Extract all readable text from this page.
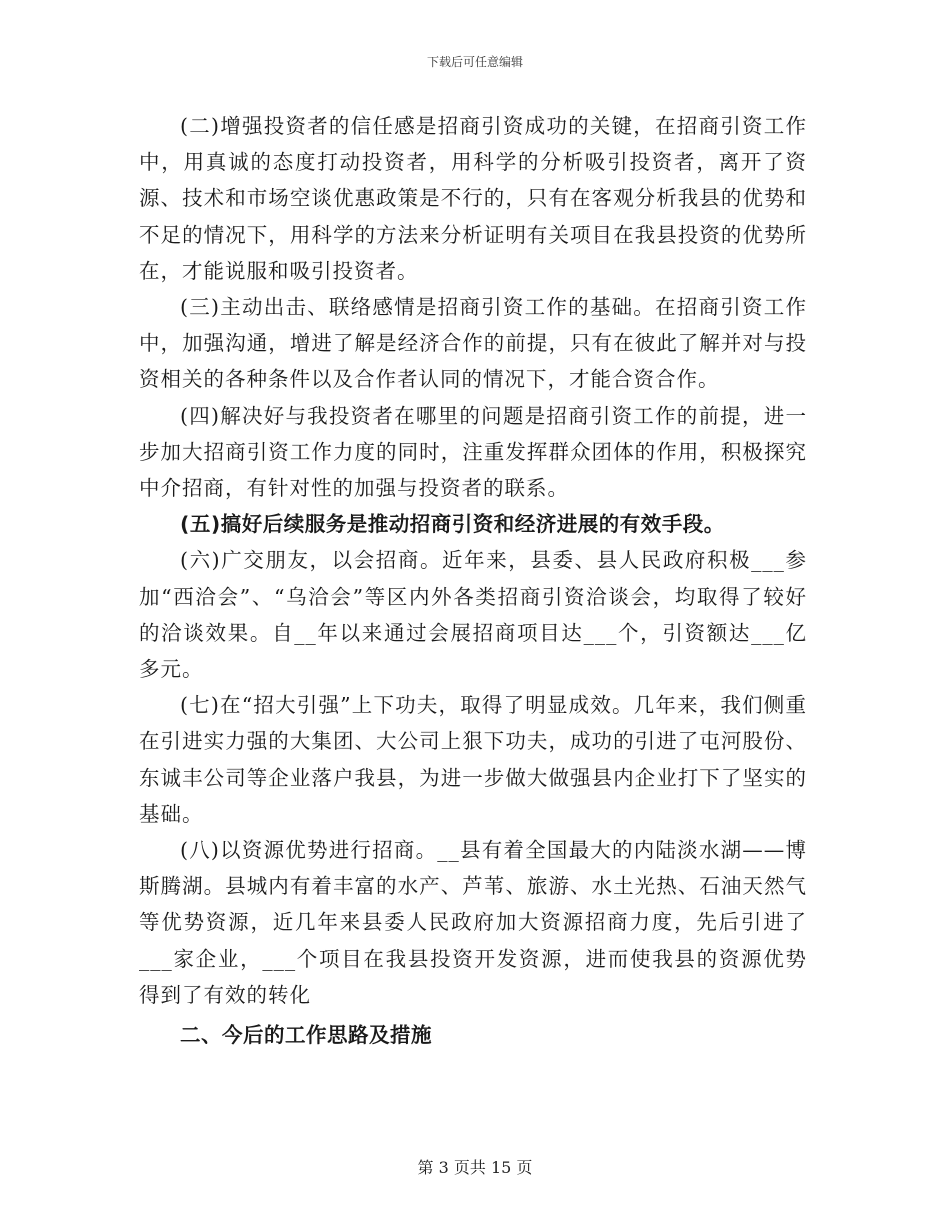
下载后可任意编辑

(二)增强投资者的信任感是招商引资成功的关键，在招商引资工作中，用真诚的态度打动投资者，用科学的分析吸引投资者，离开了资源、技术和市场空谈优惠政策是不行的，只有在客观分析我县的优势和不足的情况下，用科学的方法来分析证明有关项目在我县投资的优势所在，才能说服和吸引投资者。

(三)主动出击、联络感情是招商引资工作的基础。在招商引资工作中，加强沟通，增进了解是经济合作的前提，只有在彼此了解并对与投资相关的各种条件以及合作者认同的情况下，才能合资合作。

(四)解决好与我投资者在哪里的问题是招商引资工作的前提，进一步加大招商引资工作力度的同时，注重发挥群众团体的作用，积极探究中介招商，有针对性的加强与投资者的联系。

(五)搞好后续服务是推动招商引资和经济进展的有效手段。

(六)广交朋友，以会招商。近年来，县委、县人民政府积极___参加“西洽会”、“乌洽会”等区内外各类招商引资洽谈会，均取得了较好的洽谈效果。自__年以来通过会展招商项目达___个，引资额达___亿多元。

(七)在“招大引强”上下功夫，取得了明显成效。几年来，我们侧重在引进实力强的大集团、大公司上狠下功夫，成功的引进了屯河股份、东诚丰公司等企业落户我县，为进一步做大做强县内企业打下了坚实的基础。

(八)以资源优势进行招商。__县有着全国最大的内陆淡水湖——博斯腾湖。县城内有着丰富的水产、芦苇、旅游、水土光热、石油天然气等优势资源，近几年来县委人民政府加大资源招商力度，先后引进了___家企业，___个项目在我县投资开发资源，进而使我县的资源优势得到了有效的转化

二、今后的工作思路及措施

第 3 页共 15 页
